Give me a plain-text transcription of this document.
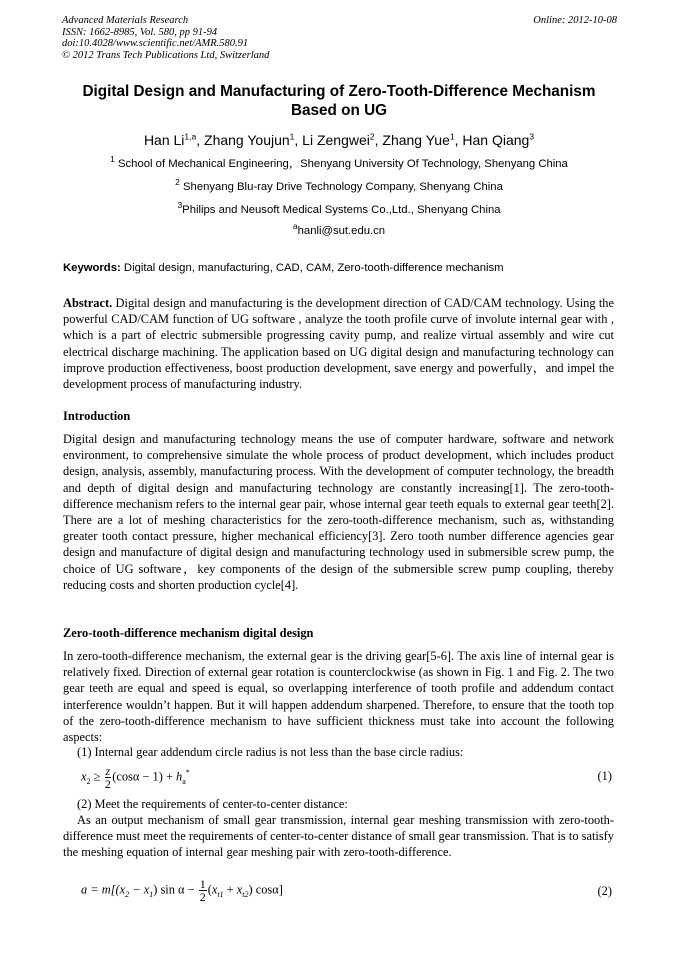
Advanced Materials Research
ISSN: 1662-8985, Vol. 580, pp 91-94
doi:10.4028/www.scientific.net/AMR.580.91
© 2012 Trans Tech Publications Ltd, Switzerland
Online: 2012-10-08
Digital Design and Manufacturing of Zero-Tooth-Difference Mechanism
Based on UG
Han Li$^{1,a}$, Zhang Youjun$^1$, Li Zengwei$^2$, Zhang Yue$^1$, Han Qiang$^3$
$^1$ School of Mechanical Engineering，Shenyang University Of Technology, Shenyang China
$^2$ Shenyang Blu-ray Drive Technology Company, Shenyang China
$^3$Philips and Neusoft Medical Systems Co.,Ltd., Shenyang China
$^a$hanli@sut.edu.cn
Keywords: Digital design, manufacturing, CAD, CAM, Zero-tooth-difference mechanism
Abstract. Digital design and manufacturing is the development direction of CAD/CAM technology. Using the powerful CAD/CAM function of UG software , analyze the tooth profile curve of involute internal gear with , which is a part of electric submersible progressing cavity pump, and realize virtual assembly and wire cut electrical discharge machining. The application based on UG digital design and manufacturing technology can improve production effectiveness, boost production development, save energy and powerfully，and impel the development process of manufacturing industry.
Introduction
Digital design and manufacturing technology means the use of computer hardware, software and network environment, to comprehensive simulate the whole process of product development, which includes product design, analysis, assembly, manufacturing process. With the development of computer technology, the breadth and depth of digital design and manufacturing technology are constantly increasing[1]. The zero-tooth-difference mechanism refers to the internal gear pair, whose internal gear teeth equals to external gear teeth[2]. There are a lot of meshing characteristics for the zero-tooth-difference mechanism, such as, withstanding greater tooth contact pressure, higher mechanical efficiency[3]. Zero tooth number difference agencies gear design and manufacture of digital design and manufacturing technology used in submersible screw pump, the choice of UG software，key components of the design of the submersible screw pump coupling, thereby reducing costs and shorten production cycle[4].
Zero-tooth-difference mechanism digital design
In zero-tooth-difference mechanism, the external gear is the driving gear[5-6]. The axis line of internal gear is relatively fixed. Direction of external gear rotation is counterclockwise (as shown in Fig. 1 and Fig. 2. The two gear teeth are equal and speed is equal, so overlapping interference of tooth profile and addendum contact interference wouldn’t happen. But it will happen addendum sharpened. Therefore, to ensure that the tooth top of the zero-tooth-difference mechanism to have sufficient thickness must take into account the following aspects:
(1) Internal gear addendum circle radius is not less than the base circle radius:
$x_2 \ge \frac{z}{2} (\cos\alpha - 1) + h_a^*$	(1)
(2) Meet the requirements of center-to-center distance:
As an output mechanism of small gear transmission, internal gear meshing transmission with zero-tooth-difference must meet the requirements of center-to-center distance of small gear transmission. That is to satisfy the meshing equation of internal gear meshing pair with zero-tooth-difference.
$a = m[(x_2 - x_1)$ $\sin \alpha - \frac{1}{2} (x_{t1} + x_{t2})$ cosα]	(2)
